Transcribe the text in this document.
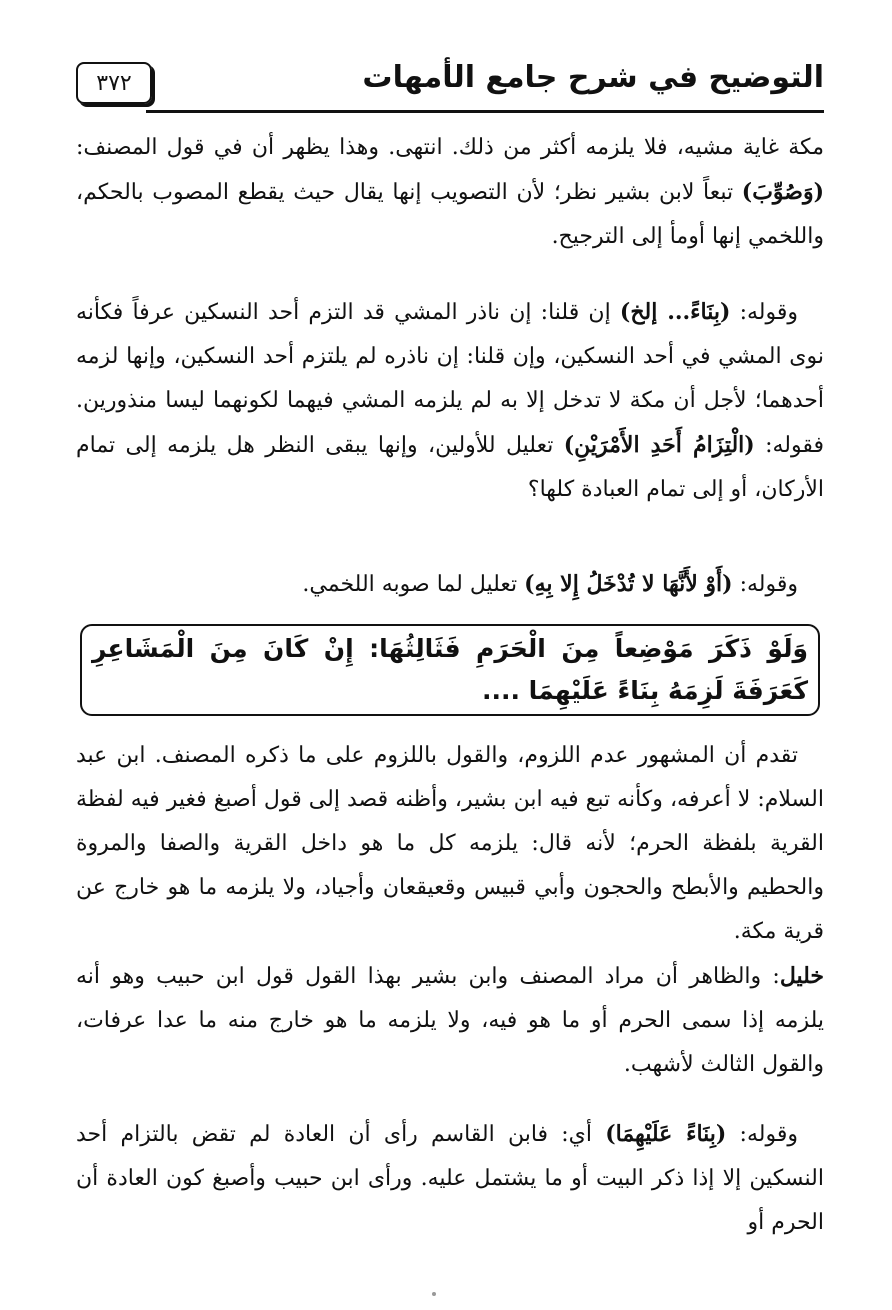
التوضيح في شرح جامع الأمهات
٣٧٢

مكة غاية مشيه، فلا يلزمه أكثر من ذلك. انتهى. وهذا يظهر أن في قول المصنف: (وَصُوِّبَ) تبعاً لابن بشير نظر؛ لأن التصويب إنها يقال حيث يقطع المصوب بالحكم، واللخمي إنها أومأ إلى الترجيح.

وقوله: (بِنَاءً... إلخ) إن قلنا: إن ناذر المشي قد التزم أحد النسكين عرفاً فكأنه نوى المشي في أحد النسكين، وإن قلنا: إن ناذره لم يلتزم أحد النسكين، وإنها لزمه أحدهما؛ لأجل أن مكة لا تدخل إلا به لم يلزمه المشي فيهما لكونهما ليسا منذورين. فقوله: (الْتِزَامُ أَحَدِ الأَمْرَيْنِ) تعليل للأولين، وإنها يبقى النظر هل يلزمه إلى تمام الأركان، أو إلى تمام العبادة كلها؟

وقوله: (أَوْ لأَنَّهَا لا تُدْخَلُ إِلا بِهِ) تعليل لما صوبه اللخمي.

وَلَوْ ذَكَرَ مَوْضِعاً مِنَ الْحَرَمِ فَثَالِثُهَا: إِنْ كَانَ مِنَ الْمَشَاعِرِ كَعَرَفَةَ لَزِمَهُ بِنَاءً عَلَيْهِمَا ....

تقدم أن المشهور عدم اللزوم، والقول باللزوم على ما ذكره المصنف. ابن عبد السلام: لا أعرفه، وكأنه تبع فيه ابن بشير، وأظنه قصد إلى قول أصبغ فغير فيه لفظة القرية بلفظة الحرم؛ لأنه قال: يلزمه كل ما هو داخل القرية والصفا والمروة والحطيم والأبطح والحجون وأبي قبيس وقعيقعان وأجياد، ولا يلزمه ما هو خارج عن قرية مكة.

خليل: والظاهر أن مراد المصنف وابن بشير بهذا القول قول ابن حبيب وهو أنه يلزمه إذا سمى الحرم أو ما هو فيه، ولا يلزمه ما هو خارج منه ما عدا عرفات، والقول الثالث لأشهب.

وقوله: (بِنَاءً عَلَيْهِمَا) أي: فابن القاسم رأى أن العادة لم تقض بالتزام أحد النسكين إلا إذا ذكر البيت أو ما يشتمل عليه. ورأى ابن حبيب وأصبغ كون العادة أن الحرم أو
